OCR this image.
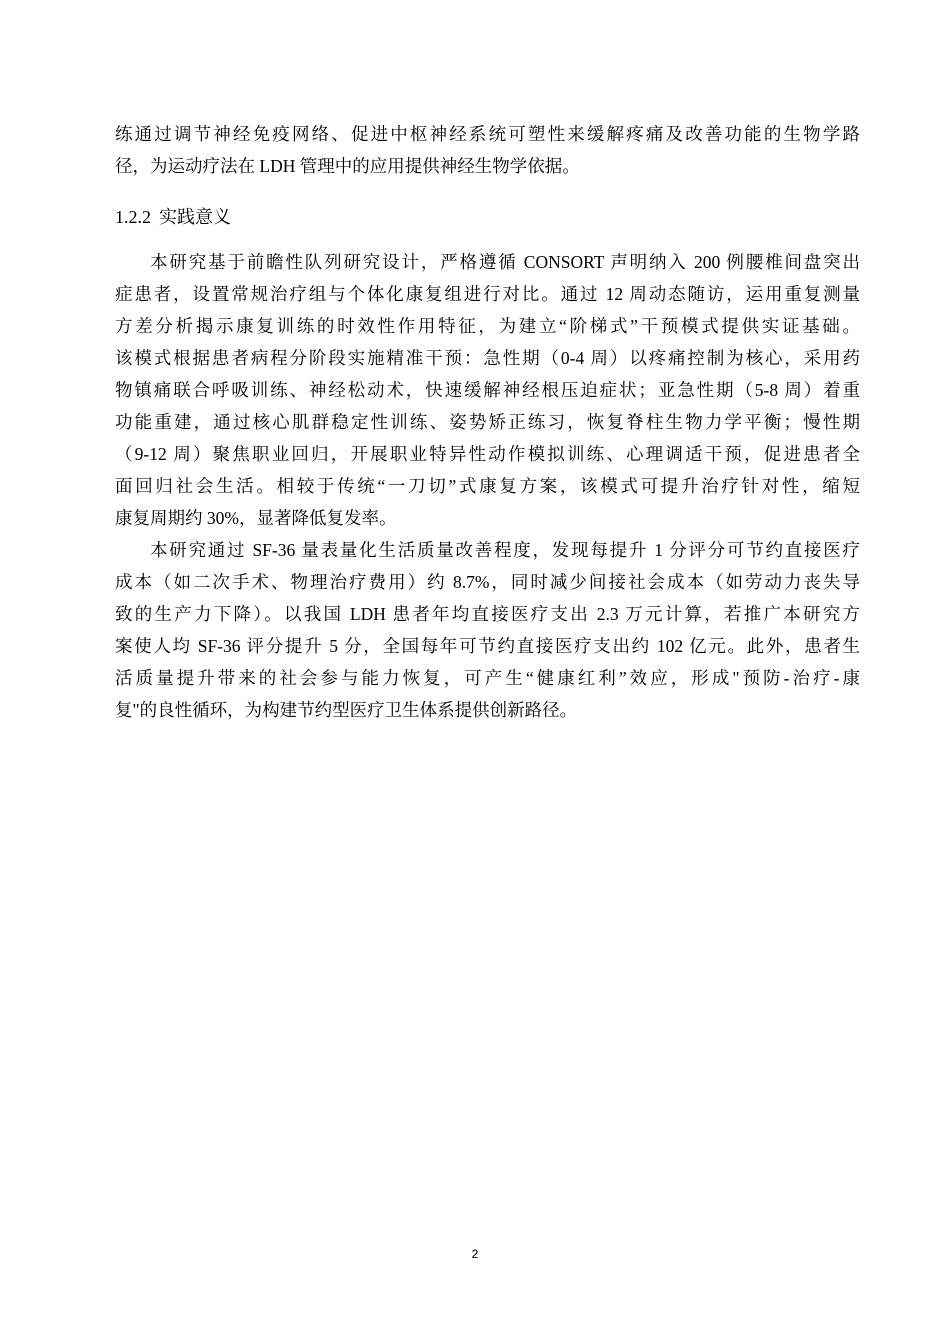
练通过调节神经免疫网络、促进中枢神经系统可塑性来缓解疼痛及改善功能的生物学路
径，为运动疗法在 LDH 管理中的应用提供神经生物学依据。
1.2.2 实践意义
本研究基于前瞻性队列研究设计，严格遵循 CONSORT 声明纳入 200 例腰椎间盘突出
症患者，设置常规治疗组与个体化康复组进行对比。通过 12 周动态随访，运用重复测量
方差分析揭示康复训练的时效性作用特征，为建立“阶梯式”干预模式提供实证基础。
该模式根据患者病程分阶段实施精准干预：急性期（0-4 周）以疼痛控制为核心，采用药
物镇痛联合呼吸训练、神经松动术，快速缓解神经根压迫症状；亚急性期（5-8 周）着重
功能重建，通过核心肌群稳定性训练、姿势矫正练习，恢复脊柱生物力学平衡；慢性期
（9-12 周）聚焦职业回归，开展职业特异性动作模拟训练、心理调适干预，促进患者全
面回归社会生活。相较于传统“一刀切”式康复方案，该模式可提升治疗针对性，缩短
康复周期约 30%，显著降低复发率。
本研究通过 SF-36 量表量化生活质量改善程度，发现每提升 1 分评分可节约直接医疗
成本（如二次手术、物理治疗费用）约 8.7%，同时减少间接社会成本（如劳动力丧失导
致的生产力下降）。以我国 LDH 患者年均直接医疗支出 2.3 万元计算，若推广本研究方
案使人均 SF-36 评分提升 5 分，全国每年可节约直接医疗支出约 102 亿元。此外，患者生
活质量提升带来的社会参与能力恢复，可产生“健康红利”效应，形成"预防-治疗-康
复"的良性循环，为构建节约型医疗卫生体系提供创新路径。
2
